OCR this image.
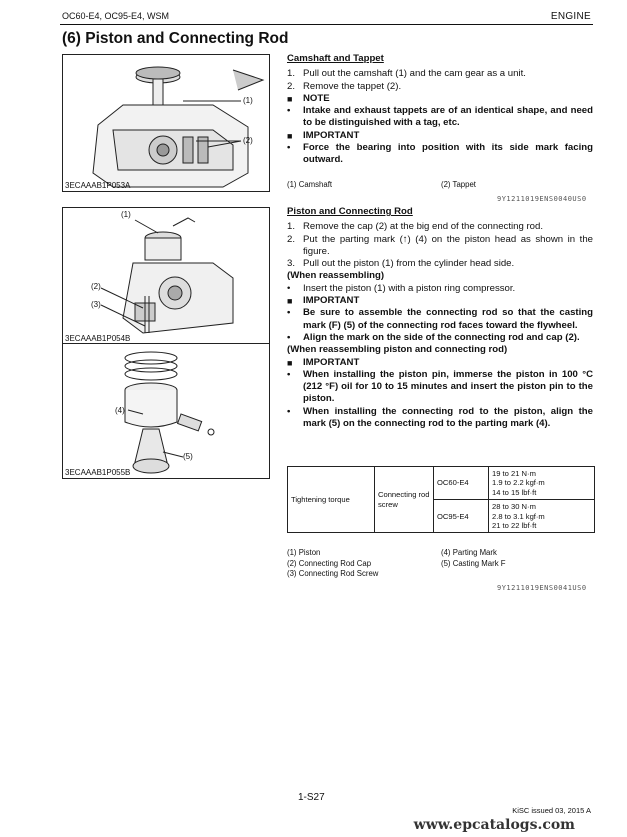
OC60-E4, OC95-E4, WSM	ENGINE
(6) Piston and Connecting Rod
(1)
(2)
3ECAAAB1P053A
(1)
(2)
(3)
3ECAAAB1P054B
(4)
(5)
3ECAAAB1P055B
Camshaft and Tappet
1. Pull out the camshaft (1) and the cam gear as a unit.
2. Remove the tappet (2).
■	NOTE
•	Intake and exhaust tappets are of an identical shape, and need to be distinguished with a tag, etc.
■	IMPORTANT
•	Force the bearing into position with its side mark facing outward.
(1) Camshaft	(2) Tappet
9Y1211019ENS0040US0
Piston and Connecting Rod
1. Remove the cap (2) at the big end of the connecting rod.
2. Put the parting mark (↑) (4) on the piston head as shown in the figure.
3. Pull out the piston (1) from the cylinder head side.
(When reassembling)
•	Insert the piston (1) with a piston ring compressor.
■	IMPORTANT
•	Be sure to assemble the connecting rod so that the casting mark (F) (5) of the connecting rod faces toward the flywheel.
•	Align the mark on the side of the connecting rod and cap (2).
(When reassembling piston and connecting rod)
■	IMPORTANT
•	When installing the piston pin, immerse the piston in 100 °C (212 °F) oil for 10 to 15 minutes and insert the piston pin to the piston.
•	When installing the connecting rod to the piston, align the mark (5) on the connecting rod to the parting mark (4).
Tightening torque	Connecting rod screw	OC60-E4	19 to 21 N·m
1.9 to 2.2 kgf·m
14 to 15 lbf·ft

		OC95-E4	28 to 30 N·m
2.8 to 3.1 kgf·m
21 to 22 lbf·ft
(1) Piston
(2) Connecting Rod Cap
(3) Connecting Rod Screw
(4) Parting Mark
(5) Casting Mark F
9Y1211019ENS0041US0
1-S27
KiSC issued 03, 2015 A
www.epcatalogs.com
